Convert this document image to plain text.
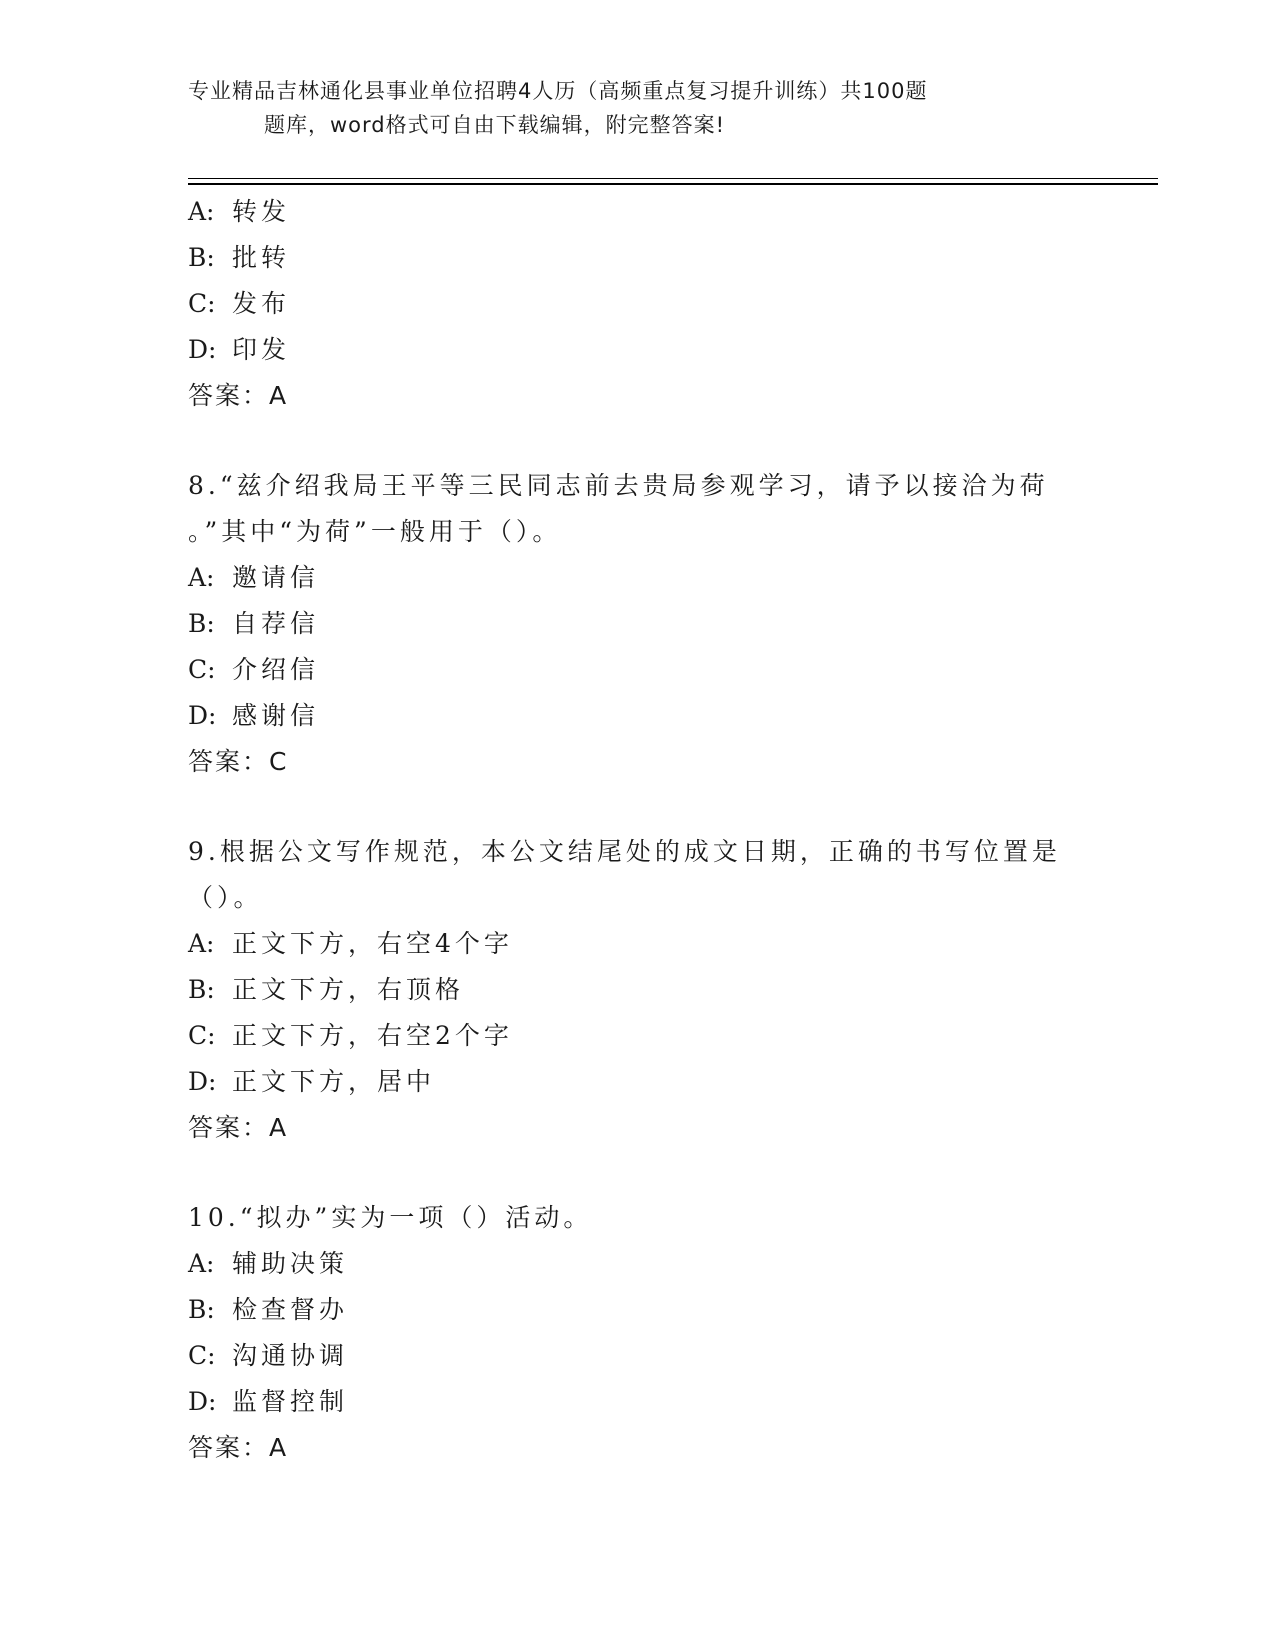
专业精品吉林通化县事业单位招聘4人历（高频重点复习提升训练）共100题
题库，word格式可自由下载编辑，附完整答案!
A: 转发
B: 批转
C: 发布
D: 印发
答案：A
8.“兹介绍我局王平等三民同志前去贵局参观学习，请予以接洽为荷
。”其中“为荷”一般用于（）。
A: 邀请信
B: 自荐信
C: 介绍信
D: 感谢信
答案：C
9.根据公文写作规范，本公文结尾处的成文日期，正确的书写位置是
（）。
A: 正文下方，右空4个字
B: 正文下方，右顶格
C: 正文下方，右空2个字
D: 正文下方，居中
答案：A
10.“拟办”实为一项（）活动。
A: 辅助决策
B: 检查督办
C: 沟通协调
D: 监督控制
答案：A
